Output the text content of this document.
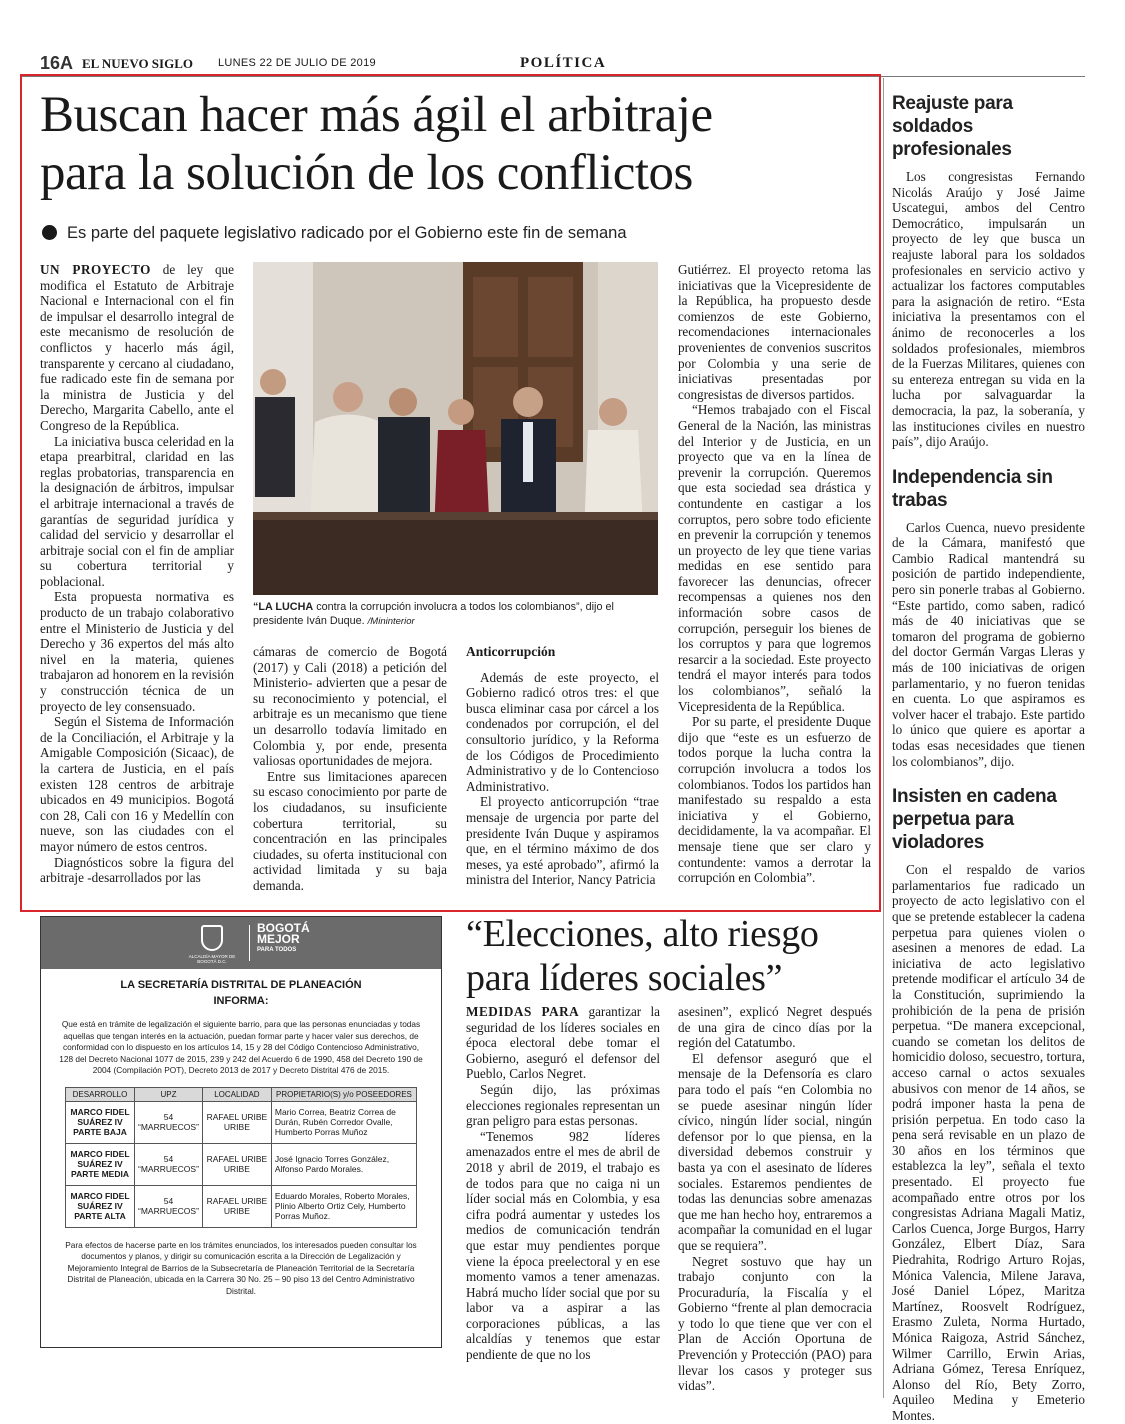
16A EL NUEVO SIGLO LUNES 22 DE JULIO DE 2019	POLÍTICA
Buscan hacer más ágil el arbitraje
para la solución de los conflictos
Es parte del paquete legislativo radicado por el Gobierno este fin de semana

UN PROYECTO de ley que modifica el Estatuto de Arbitraje Nacional e Internacional con el fin de impulsar el desarrollo integral de este mecanismo de resolución de conflictos y hacerlo más ágil, transparente y cercano al ciudadano, fue radicado este fin de semana por la ministra de Justicia y del Derecho, Margarita Cabello, ante el Congreso de la República.

La iniciativa busca celeridad en la etapa prearbitral, claridad en las reglas probatorias, transparencia en la designación de árbitros, impulsar el arbitraje internacional a través de garantías de seguridad jurídica y calidad del servicio y desarrollar el arbitraje social con el fin de ampliar su cobertura territorial y poblacional.

Esta propuesta normativa es producto de un trabajo colaborativo entre el Ministerio de Justicia y del Derecho y 36 expertos del más alto nivel en la materia, quienes trabajaron ad honorem en la revisión y construcción técnica de un proyecto de ley consensuado.

Según el Sistema de Información de la Conciliación, el Arbitraje y la Amigable Composición (Sicaac), de la cartera de Justicia, en el país existen 128 centros de arbitraje ubicados en 49 municipios. Bogotá con 28, Cali con 16 y Medellín con nueve, son las ciudades con el mayor número de estos centros.

Diagnósticos sobre la figura del arbitraje -desarrollados por las

“LA LUCHA contra la corrupción involucra a todos los colombianos”, dijo el presidente Iván Duque. /Mininterior

cámaras de comercio de Bogotá (2017) y Cali (2018) a petición del Ministerio- advierten que a pesar de su reconocimiento y potencial, el arbitraje es un mecanismo que tiene un desarrollo todavía limitado en Colombia y, por ende, presenta valiosas oportunidades de mejora.

Entre sus limitaciones aparecen su escaso conocimiento por parte de los ciudadanos, su insuficiente cobertura territorial, su concentración en las principales ciudades, su oferta institucional con actividad limitada y su baja demanda.

Anticorrupción

Además de este proyecto, el Gobierno radicó otros tres: el que busca eliminar casa por cárcel a los condenados por corrupción, el del consultorio jurídico, y la Reforma de los Códigos de Procedimiento Administrativo y de lo Contencioso Administrativo.

El proyecto anticorrupción “trae mensaje de urgencia por parte del presidente Iván Duque y aspiramos que, en el término máximo de dos meses, ya esté aprobado”, afirmó la ministra del Interior, Nancy Patricia

Gutiérrez. El proyecto retoma las iniciativas que la Vicepresidente de la República, ha propuesto desde comienzos de este Gobierno, recomendaciones internacionales provenientes de convenios suscritos por Colombia y una serie de iniciativas presentadas por congresistas de diversos partidos.

“Hemos trabajado con el Fiscal General de la Nación, las ministras del Interior y de Justicia, en un proyecto que va en la línea de prevenir la corrupción. Queremos que esta sociedad sea drástica y contundente en castigar a los corruptos, pero sobre todo eficiente en prevenir la corrupción y tenemos un proyecto de ley que tiene varias medidas en ese sentido para favorecer las denuncias, ofrecer recompensas a quienes nos den información sobre casos de corrupción, perseguir los bienes de los corruptos y para que logremos resarcir a la sociedad. Este proyecto tendrá el mayor interés para todos los colombianos”, señaló la Vicepresidenta de la República.

Por su parte, el presidente Duque dijo que “este es un esfuerzo de todos porque la lucha contra la corrupción involucra a todos los colombianos. Todos los partidos han manifestado su respaldo a esta iniciativa y el Gobierno, decididamente, la va acompañar. El mensaje tiene que ser claro y contundente: vamos a derrotar la corrupción en Colombia”.

Reajuste para
soldados profesionales

Los congresistas Fernando Nicolás Araújo y José Jaime Uscategui, ambos del Centro Democrático, impulsarán un proyecto de ley que busca un reajuste laboral para los soldados profesionales en servicio activo y actualizar los factores computables para la asignación de retiro. “Esta iniciativa la presentamos con el ánimo de reconocerles a los soldados profesionales, miembros de la Fuerzas Militares, quienes con su entereza entregan su vida en la lucha por salvaguardar la democracia, la paz, la soberanía, y las instituciones civiles en nuestro país”, dijo Araújo.

Independencia sin trabas

Carlos Cuenca, nuevo presidente de la Cámara, manifestó que Cambio Radical mantendrá su posición de partido independiente, pero sin ponerle trabas al Gobierno. “Este partido, como saben, radicó más de 40 iniciativas que se tomaron del programa de gobierno del doctor Germán Vargas Lleras y más de 100 iniciativas de origen parlamentario, y no fueron tenidas en cuenta. Lo que aspiramos es volver hacer el trabajo. Este partido lo único que quiere es aportar a todas esas necesidades que tienen los colombianos”, dijo.

Insisten en cadena
perpetua para violadores

Con el respaldo de varios parlamentarios fue radicado un proyecto de acto legislativo con el que se pretende establecer la cadena perpetua para quienes violen o asesinen a menores de edad. La iniciativa de acto legislativo pretende modificar el artículo 34 de la Constitución, suprimiendo la prohibición de la pena de prisión perpetua. “De manera excepcional, cuando se cometan los delitos de homicidio doloso, secuestro, tortura, acceso carnal o actos sexuales abusivos con menor de 14 años, se podrá imponer hasta la pena de prisión perpetua. En todo caso la pena será revisable en un plazo de 30 años en los términos que establezca la ley”, señala el texto presentado. El proyecto fue acompañado entre otros por los congresistas Adriana Magali Matiz, Carlos Cuenca, Jorge Burgos, Harry González, Elbert Díaz, Sara Piedrahita, Rodrigo Arturo Rojas, Mónica Valencia, Milene Jarava, José Daniel López, Maritza Martínez, Roosvelt Rodríguez, Erasmo Zuleta, Norma Hurtado, Mónica Raigoza, Astrid Sánchez, Wilmer Carrillo, Erwin Arias, Adriana Gómez, Teresa Enríquez, Alonso del Río, Bety Zorro, Aquileo Medina y Emeterio Montes.

“Elecciones, alto riesgo
para líderes sociales”

MEDIDAS PARA garantizar la seguridad de los líderes sociales en época electoral debe tomar el Gobierno, aseguró el defensor del Pueblo, Carlos Negret.

Según dijo, las próximas elecciones regionales representan un gran peligro para estas personas.

“Tenemos 982 líderes amenazados entre el mes de abril de 2018 y abril de 2019, el trabajo es de todos para que no caiga ni un líder social más en Colombia, y esa cifra podrá aumentar y ustedes los medios de comunicación tendrán que estar muy pendientes porque viene la época preelectoral y en ese momento vamos a tener amenazas. Habrá mucho líder social que por su labor va a aspirar a las corporaciones públicas, a las alcaldías y tenemos que estar pendiente de que no los

asesinen”, explicó Negret después de una gira de cinco días por la región del Catatumbo.

El defensor aseguró que el mensaje de la Defensoría es claro para todo el país “en Colombia no se puede asesinar ningún líder cívico, ningún líder social, ningún defensor por lo que piensa, en la diversidad debemos construir y basta ya con el asesinato de líderes sociales. Estaremos pendientes de todas las denuncias sobre amenazas que me han hecho hoy, entraremos a acompañar la comunidad en el lugar que se requiera”.

Negret sostuvo que hay un trabajo conjunto con la Procuraduría, la Fiscalía y el Gobierno “frente al plan democracia y todo lo que tiene que ver con el Plan de Acción Oportuna de Prevención y Protección (PAO) para llevar los casos y proteger sus vidas”.

ALCALDÍA MAYOR DE BOGOTÁ D.C.
BOGOTÁ
MEJOR
PARA TODOS
LA SECRETARÍA DISTRITAL DE PLANEACIÓN
INFORMA:
Que está en trámite de legalización el siguiente barrio, para que las personas enunciadas y todas aquellas que tengan interés en la actuación, puedan formar parte y hacer valer sus derechos, de conformidad con lo dispuesto en los artículos 14, 15 y 28 del Código Contencioso Administrativo, 128 del Decreto Nacional 1077 de 2015, 239 y 242 del Acuerdo 6 de 1990, 458 del Decreto 190 de 2004 (Compilación POT), Decreto 2013 de 2017 y Decreto Distrital 476 de 2015.
DESARROLLO	UPZ	LOCALIDAD	PROPIETARIO(S) y/o POSEEDORES
MARCO FIDEL SUÁREZ IV PARTE BAJA	54 “MARRUECOS”	RAFAEL URIBE URIBE	Mario Correa, Beatriz Correa de Durán, Rubén Corredor Ovalle, Humberto Porras Muñoz
MARCO FIDEL SUÁREZ IV PARTE MEDIA	54 “MARRUECOS”	RAFAEL URIBE URIBE	José Ignacio Torres González, Alfonso Pardo Morales.
MARCO FIDEL SUÁREZ IV PARTE ALTA	54 “MARRUECOS”	RAFAEL URIBE URIBE	Eduardo Morales, Roberto Morales, Plinio Alberto Ortiz Cely, Humberto Porras Muñoz.
Para efectos de hacerse parte en los trámites enunciados, los interesados pueden consultar los documentos y planos, y dirigir su comunicación escrita a la Dirección de Legalización y Mejoramiento Integral de Barrios de la Subsecretaría de Planeación Territorial de la Secretaría Distrital de Planeación, ubicada en la Carrera 30 No. 25 – 90 piso 13 del Centro Administrativo Distrital.
